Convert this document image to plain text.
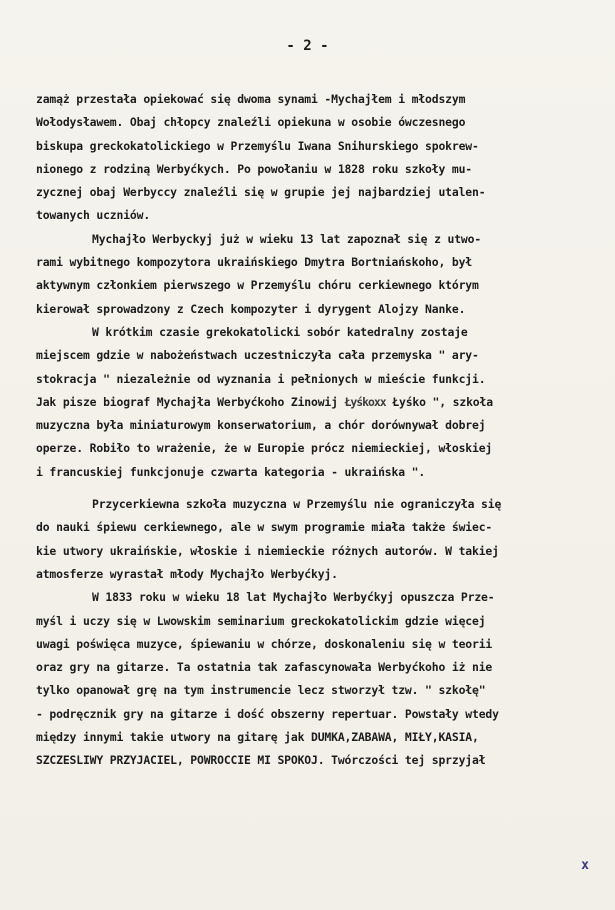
- 2 -
zamąż przestała opiekować się dwoma synami -Mychajłem i młodszym
Wołodysławem. Obaj chłopcy znaleźli opiekuna w osobie ówczesnego
biskupa greckokatolickiego w Przemyślu Iwana Snihurskiego spokrew-
nionego z rodziną Werbyćkych. Po powołaniu w 1828 roku szkoły mu-
zycznej obaj Werbyccy znaleźli się w grupie jej najbardziej utalen-
towanych uczniów.
Mychajło Werbyckyj już w wieku 13 lat zapoznał się z utwo-
rami wybitnego kompozytora ukraińskiego Dmytra Bortniańskoho, był
aktywnym członkiem pierwszego w Przemyślu chóru cerkiewnego którym
kierował sprowadzony z Czech kompozyter i dyrygent Alojzy Nanke.
W krótkim czasie grekokatolicki sobór katedralny zostaje
miejscem gdzie w nabożeństwach uczestniczyła cała przemyska " ary-
stokracja " niezależnie od wyznania i pełnionych w mieście funkcji.
Jak pisze biograf Mychajła Werbyćkoho Zinowij Łyśkoxx Łyśko ", szkoła
muzyczna była miniaturowym konserwatorium, a chór dorównywał dobrej
operze. Robiło to wrażenie, że w Europie prócz niemieckiej, włoskiej
i francuskiej funkcjonuje czwarta kategoria - ukraińska ".
Przycerkiewna szkoła muzyczna w Przemyślu nie ograniczyła się
do nauki śpiewu cerkiewnego, ale w swym programie miała także świec-
kie utwory ukraińskie, włoskie i niemieckie różnych autorów. W takiej
atmosferze wyrastał młody Mychajło Werbyćkyj.
W 1833 roku w wieku 18 lat Mychajło Werbyćkyj opuszcza Prze-
myśl i uczy się w Lwowskim seminarium greckokatolickim gdzie więcej
uwagi poświęca muzyce, śpiewaniu w chórze, doskonaleniu się w teorii
oraz gry na gitarze. Ta ostatnia tak zafascynowała Werbyćkoho iż nie
tylko opanował grę na tym instrumencie lecz stworzył tzw. " szkołę"
- podręcznik gry na gitarze i dość obszerny repertuar. Powstały wtedy
między innymi takie utwory na gitarę jak DUMKA,ZABAWA, MIŁY,KASIA,
SZCZESLIWY PRZYJACIEL, POWROCCIE MI SPOKOJ. Twórczości tej sprzyjał
x
